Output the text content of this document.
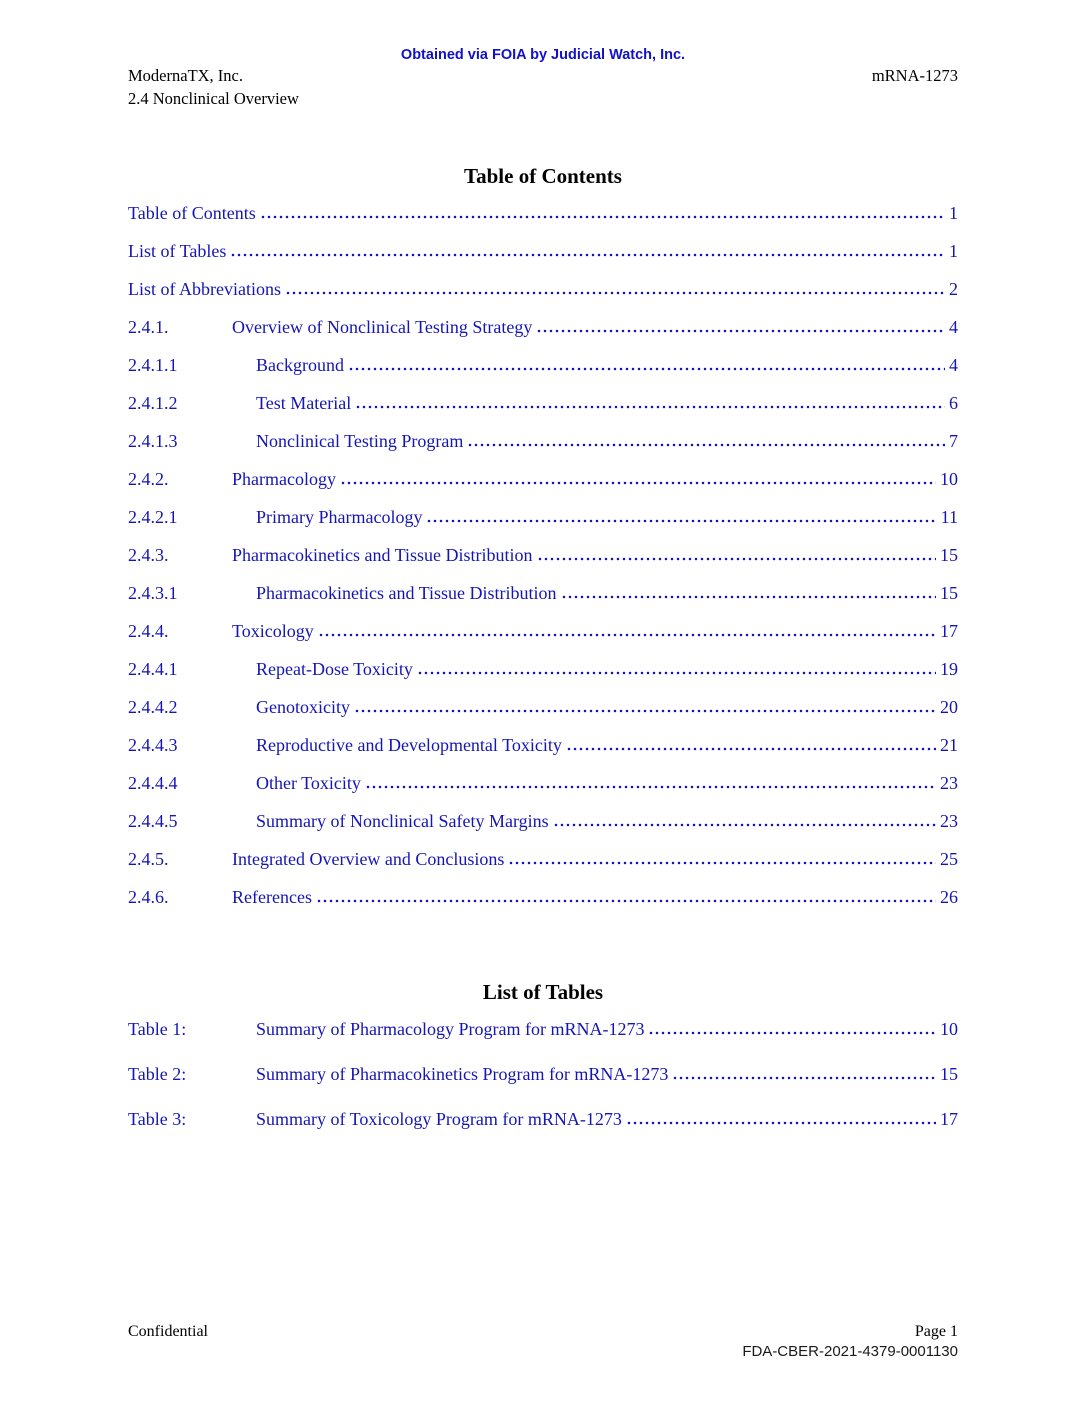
Obtained via FOIA by Judicial Watch, Inc.
ModernaTX, Inc.	mRNA-1273
2.4 Nonclinical Overview
Table of Contents
Table of Contents	1
List of Tables	1
List of Abbreviations	2
2.4.1.	Overview of Nonclinical Testing Strategy	4
2.4.1.1	Background	4
2.4.1.2	Test Material	6
2.4.1.3	Nonclinical Testing Program	7
2.4.2.	Pharmacology	10
2.4.2.1	Primary Pharmacology	11
2.4.3.	Pharmacokinetics and Tissue Distribution	15
2.4.3.1	Pharmacokinetics and Tissue Distribution	15
2.4.4.	Toxicology	17
2.4.4.1	Repeat-Dose Toxicity	19
2.4.4.2	Genotoxicity	20
2.4.4.3	Reproductive and Developmental Toxicity	21
2.4.4.4	Other Toxicity	23
2.4.4.5	Summary of Nonclinical Safety Margins	23
2.4.5.	Integrated Overview and Conclusions	25
2.4.6.	References	26
List of Tables
Table 1:	Summary of Pharmacology Program for mRNA-1273	10
Table 2:	Summary of Pharmacokinetics Program for mRNA-1273	15
Table 3:	Summary of Toxicology Program for mRNA-1273	17
Confidential	Page 1
FDA-CBER-2021-4379-0001130
